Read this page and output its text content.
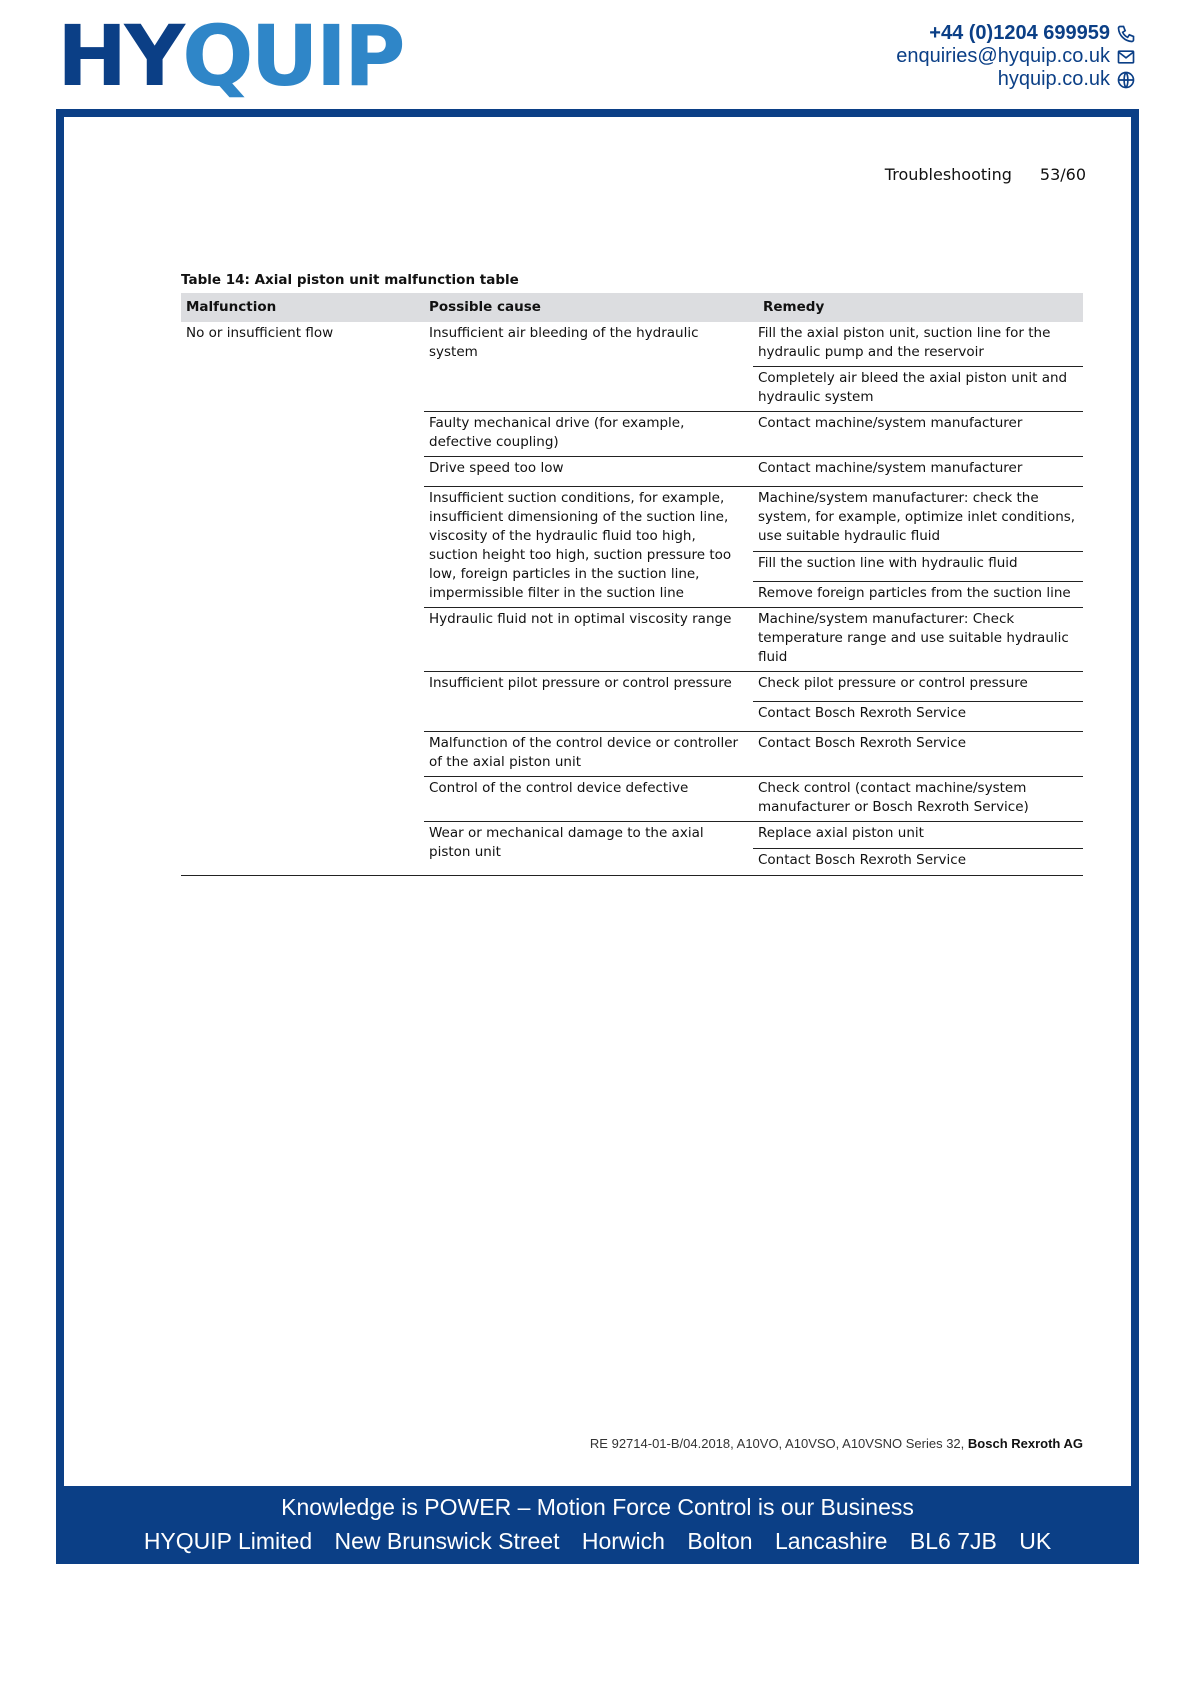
HY QUIP	+44 (0)1204 699959
enquiries@hyquip.co.uk
hyquip.co.uk
Troubleshooting 53/60
Table 14: Axial piston unit malfunction table
Malfunction	Possible cause	Remedy
No or insufficient flow	Insufficient air bleeding of the hydraulic system	Fill the axial piston unit, suction line for the hydraulic pump and the reservoir
		Completely air bleed the axial piston unit and hydraulic system
	Faulty mechanical drive (for example, defective coupling)	Contact machine/system manufacturer
	Drive speed too low	Contact machine/system manufacturer
	Insufficient suction conditions, for example, insufficient dimensioning of the suction line, viscosity of the hydraulic fluid too high, suction height too high, suction pressure too low, foreign particles in the suction line, impermissible filter in the suction line	Machine/system manufacturer: check the system, for example, optimize inlet conditions, use suitable hydraulic fluid
		Fill the suction line with hydraulic fluid
		Remove foreign particles from the suction line
	Hydraulic fluid not in optimal viscosity range	Machine/system manufacturer: Check temperature range and use suitable hydraulic fluid
	Insufficient pilot pressure or control pressure	Check pilot pressure or control pressure
		Contact Bosch Rexroth Service
	Malfunction of the control device or controller of the axial piston unit	Contact Bosch Rexroth Service
	Control of the control device defective	Check control (contact machine/system manufacturer or Bosch Rexroth Service)
	Wear or mechanical damage to the axial piston unit	Replace axial piston unit
		Contact Bosch Rexroth Service
RE 92714-01-B/04.2018, A10VO, A10VSO, A10VSNO Series 32, Bosch Rexroth AG
Knowledge is POWER – Motion Force Control is our Business
HYQUIP Limited New Brunswick Street Horwich Bolton Lancashire BL6 7JB UK
